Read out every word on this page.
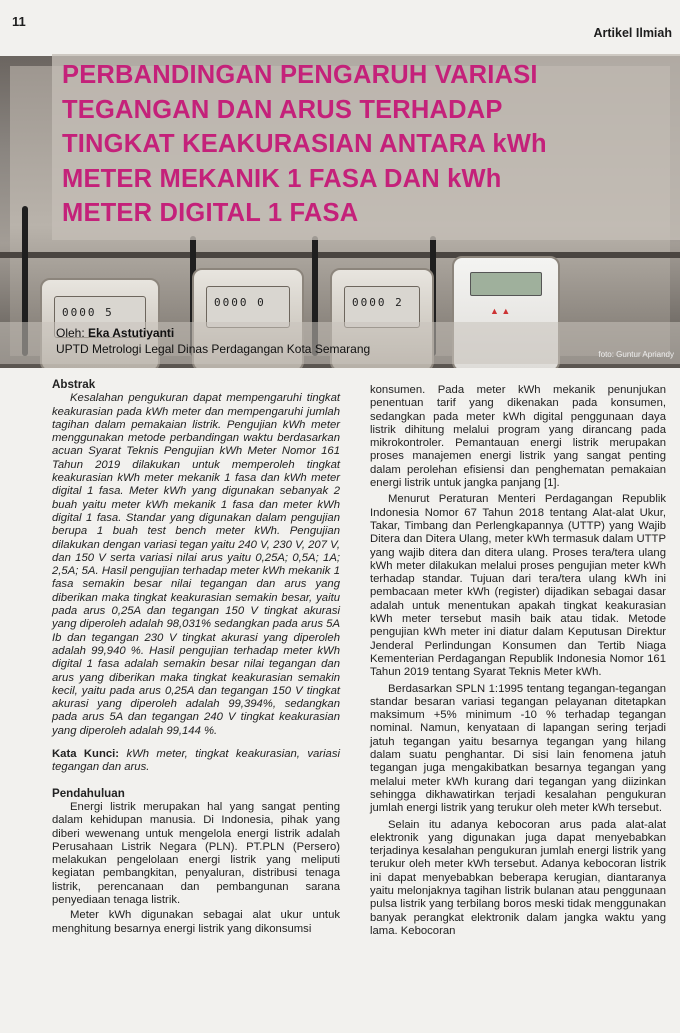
11
Artikel Ilmiah
0000 5
0000 0	0000 2
▲ ▲
PERBANDINGAN PENGARUH VARIASI
TEGANGAN DAN ARUS TERHADAP
TINGKAT KEAKURASIAN ANTARA kWh
METER MEKANIK 1 FASA DAN kWh
METER DIGITAL 1 FASA
Oleh: Eka Astutiyanti
UPTD Metrologi Legal Dinas Perdagangan Kota Semarang	foto: Guntur Apriandy
Abstrak

Kesalahan pengukuran dapat mempengaruhi tingkat keakurasian pada kWh meter dan mempengaruhi jumlah tagihan dalam pemakaian listrik. Pengujian kWh meter menggunakan metode perbandingan waktu berdasarkan acuan Syarat Teknis Pengujian kWh Meter Nomor 161 Tahun 2019 dilakukan untuk memperoleh tingkat keakurasian kWh meter mekanik 1 fasa dan kWh meter digital 1 fasa. Meter kWh yang digunakan sebanyak 2 buah yaitu meter kWh mekanik 1 fasa dan meter kWh digital 1 fasa. Standar yang digunakan dalam pengujian berupa 1 buah test bench meter kWh. Pengujian dilakukan dengan variasi tegan yaitu 240 V, 230 V, 207 V, dan 150 V serta variasi nilai arus yaitu 0,25A; 0,5A; 1A; 2,5A; 5A. Hasil pengujian terhadap meter kWh mekanik 1 fasa semakin besar nilai tegangan dan arus yang diberikan maka tingkat keakurasian semakin besar, yaitu pada arus 0,25A dan tegangan 150 V tingkat akurasi yang diperoleh adalah 98,031% sedangkan pada arus 5A Ib dan tegangan 230 V tingkat akurasi yang diperoleh adalah 99,940 %. Hasil pengujian terhadap meter kWh digital 1 fasa adalah semakin besar nilai tegangan dan arus yang diberikan maka tingkat keakurasian semakin kecil, yaitu pada arus 0,25A dan tegangan 150 V tingkat akurasi yang diperoleh adalah 99,394%, sedangkan pada arus 5A dan tegangan 240 V tingkat keakurasian yang diperoleh adalah 99,144 %.

Kata Kunci: kWh meter, tingkat keakurasian, variasi tegangan dan arus.

Pendahuluan

Energi listrik merupakan hal yang sangat penting dalam kehidupan manusia. Di Indonesia, pihak yang diberi wewenang untuk mengelola energi listrik adalah Perusahaan Listrik Negara (PLN). PT.PLN (Persero) melakukan pengelolaan energi listrik yang meliputi kegiatan pembangkitan, penyaluran, distribusi tenaga listrik, perencanaan dan pembangunan sarana penyediaan tenaga listrik.

Meter kWh digunakan sebagai alat ukur untuk menghitung besarnya energi listrik yang dikonsumsi

konsumen. Pada meter kWh mekanik penunjukan penentuan tarif yang dikenakan pada konsumen, sedangkan pada meter kWh digital penggunaan daya listrik dihitung melalui program yang dirancang pada mikrokontroler. Pemantauan energi listrik merupakan proses manajemen energi listrik yang sangat penting dalam perolehan efisiensi dan penghematan pemakaian energi listrik untuk jangka panjang [1].

Menurut Peraturan Menteri Perdagangan Republik Indonesia Nomor 67 Tahun 2018 tentang Alat-alat Ukur, Takar, Timbang dan Perlengkapannya (UTTP) yang Wajib Ditera dan Ditera Ulang, meter kWh termasuk dalam UTTP yang wajib ditera dan ditera ulang. Proses tera/tera ulang kWh meter dilakukan melalui proses pengujian meter kWh terhadap standar. Tujuan dari tera/tera ulang kWh ini pembacaan meter kWh (register) dijadikan sebagai dasar adalah untuk menentukan apakah tingkat keakurasian kWh meter tersebut masih baik atau tidak. Metode pengujian kWh meter ini diatur dalam Keputusan Direktur Jenderal Perlindungan Konsumen dan Tertib Niaga Kementerian Perdagangan Republik Indonesia Nomor 161 Tahun 2019 tentang Syarat Teknis Meter kWh.

Berdasarkan SPLN 1:1995 tentang tegangan-tegangan standar besaran variasi tegangan pelayanan ditetapkan maksimum +5% minimum -10 % terhadap tegangan nominal. Namun, kenyataan di lapangan sering terjadi jatuh tegangan yaitu besarnya tegangan yang hilang dalam suatu penghantar. Di sisi lain fenomena jatuh tegangan juga mengakibatkan besarnya tegangan yang melalui meter kWh kurang dari tegangan yang diizinkan sehingga dikhawatirkan terjadi kesalahan pengukuran jumlah energi listrik yang terukur oleh meter kWh tersebut.

Selain itu adanya kebocoran arus pada alat-alat elektronik yang digunakan juga dapat menyebabkan terjadinya kesalahan pengukuran jumlah energi listrik yang terukur oleh meter kWh tersebut. Adanya kebocoran listrik ini dapat menyebabkan beberapa kerugian, diantaranya yaitu melonjaknya tagihan listrik bulanan atau penggunaan pulsa listrik yang terbilang boros meski tidak menggunakan banyak perangkat elektronik dalam jangka waktu yang lama. Kebocoran
